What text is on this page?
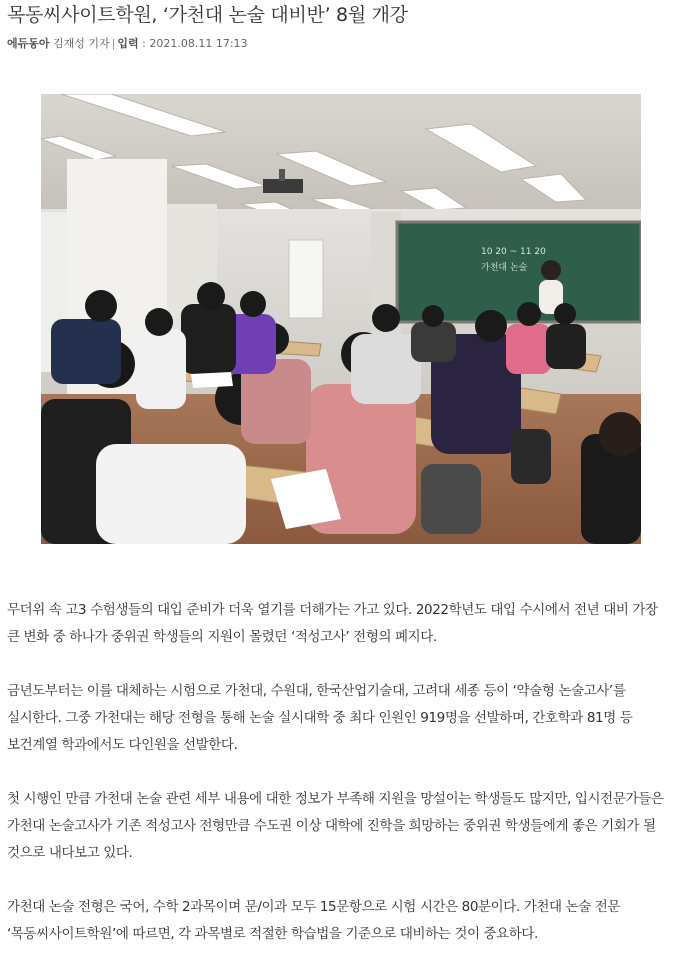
목동씨사이트학원, ‘가천대 논술 대비반’ 8월 개강
에듀동아 김재성 기자 | 입력 : 2021.08.11 17:13
10 20 ~ 11 20
가천대 논술

무더위 속 고3 수험생들의 대입 준비가 더욱 열기를 더해가는 가고 있다. 2022학년도 대입 수시에서 전년 대비 가장 큰 변화 중 하나가 중위권 학생들의 지원이 몰렸던 ‘적성고사’ 전형의 폐지다.

금년도부터는 이를 대체하는 시험으로 가천대, 수원대, 한국산업기술대, 고려대 세종 등이 ‘약술형 논술고사’를 실시한다. 그중 가천대는 해당 전형을 통해 논술 실시대학 중 최다 인원인 919명을 선발하며, 간호학과 81명 등 보건계열 학과에서도 다인원을 선발한다.

첫 시행인 만큼 가천대 논술 관련 세부 내용에 대한 정보가 부족해 지원을 망설이는 학생들도 많지만, 입시전문가들은 가천대 논술고사가 기존 적성고사 전형만큼 수도권 이상 대학에 진학을 희망하는 중위권 학생들에게 좋은 기회가 될 것으로 내다보고 있다.

가천대 논술 전형은 국어, 수학 2과목이며 문/이과 모두 15문항으로 시험 시간은 80분이다. 가천대 논술 전문 ‘목동씨사이트학원’에 따르면, 각 과목별로 적절한 학습법을 기준으로 대비하는 것이 중요하다.
